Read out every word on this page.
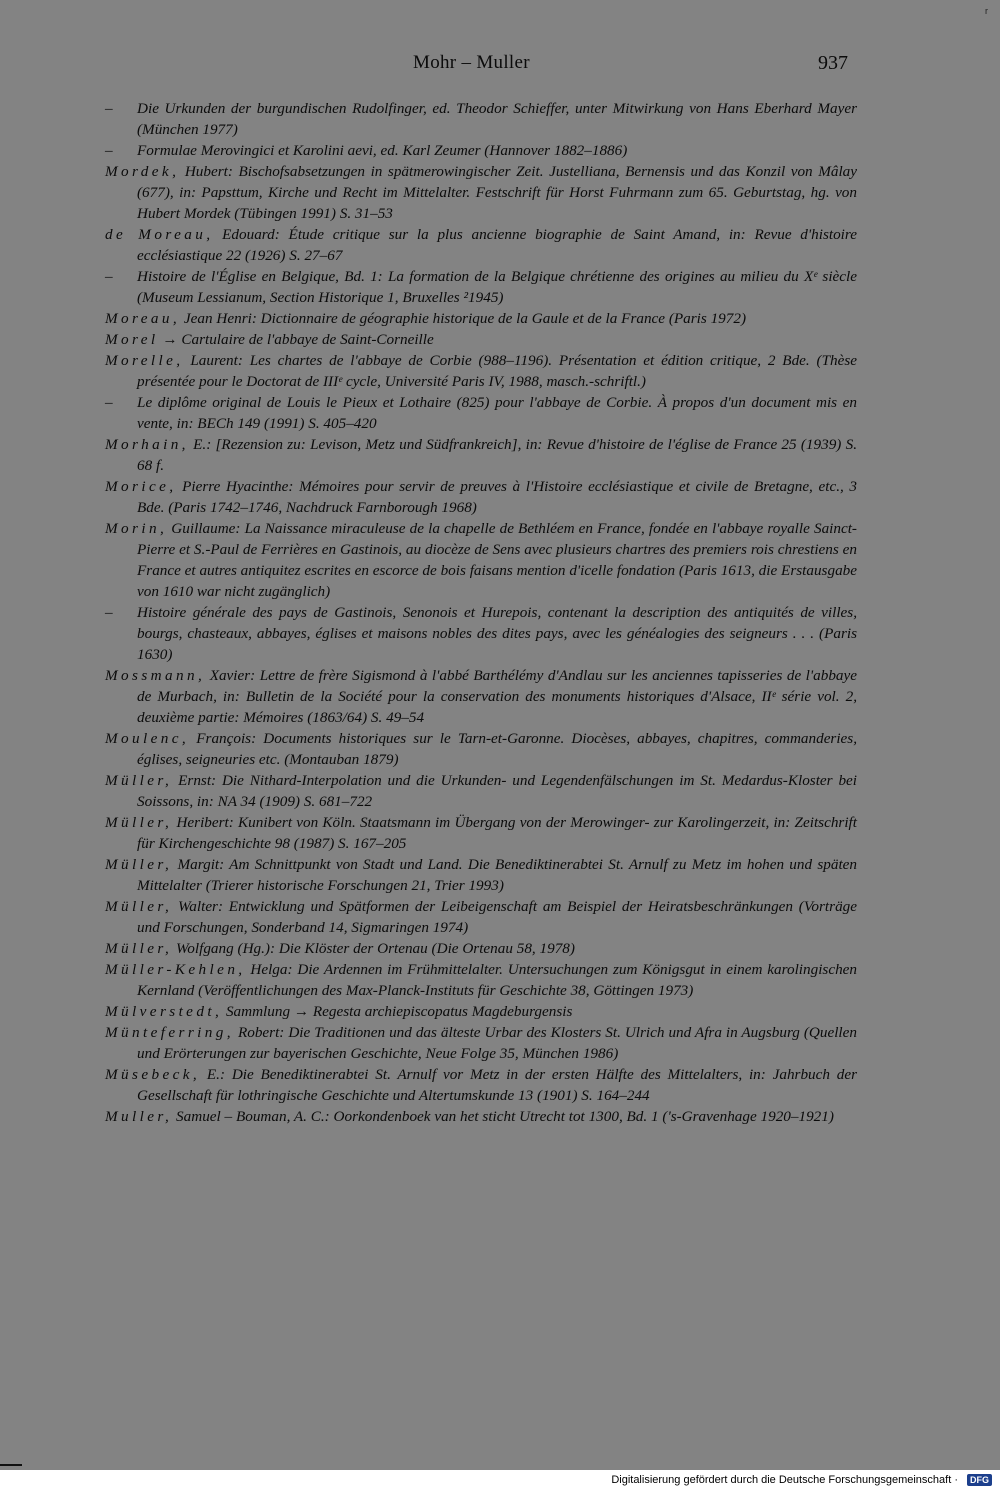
r
Mohr – Muller	937
– Die Urkunden der burgundischen Rudolfinger, ed. Theodor Schieffer, unter Mitwirkung von Hans Eberhard Mayer (München 1977)
– Formulae Merovingici et Karolini aevi, ed. Karl Zeumer (Hannover 1882–1886)
Mordek, Hubert: Bischofsabsetzungen in spätmerowingischer Zeit. Justelliana, Bernensis und das Konzil von Mâlay (677), in: Papsttum, Kirche und Recht im Mittelalter. Festschrift für Horst Fuhrmann zum 65. Geburtstag, hg. von Hubert Mordek (Tübingen 1991) S. 31–53
de Moreau, Edouard: Étude critique sur la plus ancienne biographie de Saint Amand, in: Revue d'histoire ecclésiastique 22 (1926) S. 27–67
– Histoire de l'Église en Belgique, Bd. 1: La formation de la Belgique chrétienne des origines au milieu du Xᵉ siècle (Museum Lessianum, Section Historique 1, Bruxelles ²1945)
Moreau, Jean Henri: Dictionnaire de géographie historique de la Gaule et de la France (Paris 1972)
Morel → Cartulaire de l'abbaye de Saint-Corneille
Morelle, Laurent: Les chartes de l'abbaye de Corbie (988–1196). Présentation et édition critique, 2 Bde. (Thèse présentée pour le Doctorat de IIIᵉ cycle, Université Paris IV, 1988, masch.-schriftl.)
– Le diplôme original de Louis le Pieux et Lothaire (825) pour l'abbaye de Corbie. À propos d'un document mis en vente, in: BECh 149 (1991) S. 405–420
Morhain, E.: [Rezension zu: Levison, Metz und Südfrankreich], in: Revue d'histoire de l'église de France 25 (1939) S. 68 f.
Morice, Pierre Hyacinthe: Mémoires pour servir de preuves à l'Histoire ecclésiastique et civile de Bretagne, etc., 3 Bde. (Paris 1742–1746, Nachdruck Farnborough 1968)
Morin, Guillaume: La Naissance miraculeuse de la chapelle de Bethléem en France, fondée en l'abbaye royalle Sainct-Pierre et S.-Paul de Ferrières en Gastinois, au diocèze de Sens avec plusieurs chartres des premiers rois chrestiens en France et autres antiquitez escrites en escorce de bois faisans mention d'icelle fondation (Paris 1613, die Erstausgabe von 1610 war nicht zugänglich)
– Histoire générale des pays de Gastinois, Senonois et Hurepois, contenant la description des antiquités de villes, bourgs, chasteaux, abbayes, églises et maisons nobles des dites pays, avec les généalogies des seigneurs . . . (Paris 1630)
Mossmann, Xavier: Lettre de frère Sigismond à l'abbé Barthélémy d'Andlau sur les anciennes tapisseries de l'abbaye de Murbach, in: Bulletin de la Société pour la conservation des monuments historiques d'Alsace, IIᵉ série vol. 2, deuxième partie: Mémoires (1863/64) S. 49–54
Moulenc, François: Documents historiques sur le Tarn-et-Garonne. Diocèses, abbayes, chapitres, commanderies, églises, seigneuries etc. (Montauban 1879)
Müller, Ernst: Die Nithard-Interpolation und die Urkunden- und Legendenfälschungen im St. Medardus-Kloster bei Soissons, in: NA 34 (1909) S. 681–722
Müller, Heribert: Kunibert von Köln. Staatsmann im Übergang von der Merowinger- zur Karolingerzeit, in: Zeitschrift für Kirchengeschichte 98 (1987) S. 167–205
Müller, Margit: Am Schnittpunkt von Stadt und Land. Die Benediktinerabtei St. Arnulf zu Metz im hohen und späten Mittelalter (Trierer historische Forschungen 21, Trier 1993)
Müller, Walter: Entwicklung und Spätformen der Leibeigenschaft am Beispiel der Heiratsbeschränkungen (Vorträge und Forschungen, Sonderband 14, Sigmaringen 1974)
Müller, Wolfgang (Hg.): Die Klöster der Ortenau (Die Ortenau 58, 1978)
Müller-Kehlen, Helga: Die Ardennen im Frühmittelalter. Untersuchungen zum Königsgut in einem karolingischen Kernland (Veröffentlichungen des Max-Planck-Instituts für Geschichte 38, Göttingen 1973)
Mülverstedt, Sammlung → Regesta archiepiscopatus Magdeburgensis
Münteferring, Robert: Die Traditionen und das älteste Urbar des Klosters St. Ulrich und Afra in Augsburg (Quellen und Erörterungen zur bayerischen Geschichte, Neue Folge 35, München 1986)
Müsebeck, E.: Die Benediktinerabtei St. Arnulf vor Metz in der ersten Hälfte des Mittelalters, in: Jahrbuch der Gesellschaft für lothringische Geschichte und Altertumskunde 13 (1901) S. 164–244
Muller, Samuel – Bouman, A. C.: Oorkondenboek van het sticht Utrecht tot 1300, Bd. 1 ('s-Gravenhage 1920–1921)
Digitalisierung gefördert durch die Deutsche Forschungsgemeinschaft ·	DFG
